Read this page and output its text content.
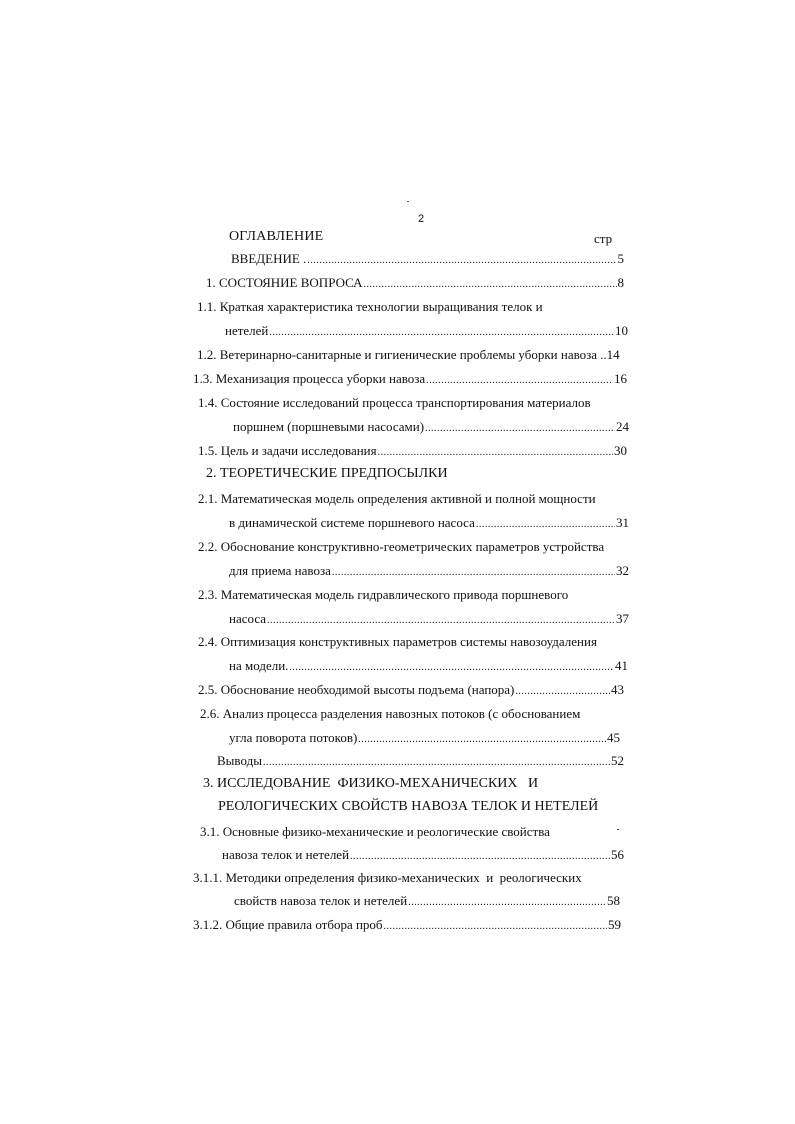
2
ОГЛАВЛЕНИЕ	стр
ВВЕДЕНИЕ . .....	5
1. СОСТОЯНИЕ ВОПРОСА .....	8
1.1. Краткая характеристика технологии выращивания телок и
нетелей .....	10
1.2. Ветеринарно-санитарные и гигиенические проблемы уборки навоза ..14
1.3. Механизация процесса уборки навоза .....	16
1.4. Состояние исследований процесса транспортирования материалов
поршнем (поршневыми насосами) .....	24
1.5. Цель и задачи исследования .....	30
2. ТЕОРЕТИЧЕСКИЕ ПРЕДПОСЫЛКИ
2.1. Математическая модель определения активной и полной мощности
в динамической системе поршневого насоса .....	31
2.2. Обоснование конструктивно-геометрических параметров устройства
для приема навоза .....	32
2.3. Математическая модель гидравлического привода поршневого
насоса .....	37
2.4. Оптимизация конструктивных параметров системы навозоудаления
на модели. .....	41
2.5. Обоснование необходимой высоты подъема (напора) .....	43
2.6. Анализ процесса разделения навозных потоков (с обоснованием
угла поворота потоков) .....	45
Выводы .....	52
3. ИССЛЕДОВАНИЕ  ФИЗИКО-МЕХАНИЧЕСКИХ   И
РЕОЛОГИЧЕСКИХ СВОЙСТВ НАВОЗА ТЕЛОК И НЕТЕЛЕЙ
3.1. Основные физико-механические и реологические свойства
навоза телок и нетелей .....	56
3.1.1. Методики определения физико-механических  и  реологических
свойств навоза телок и нетелей .....	58
3.1.2. Общие правила отбора проб .....	59
